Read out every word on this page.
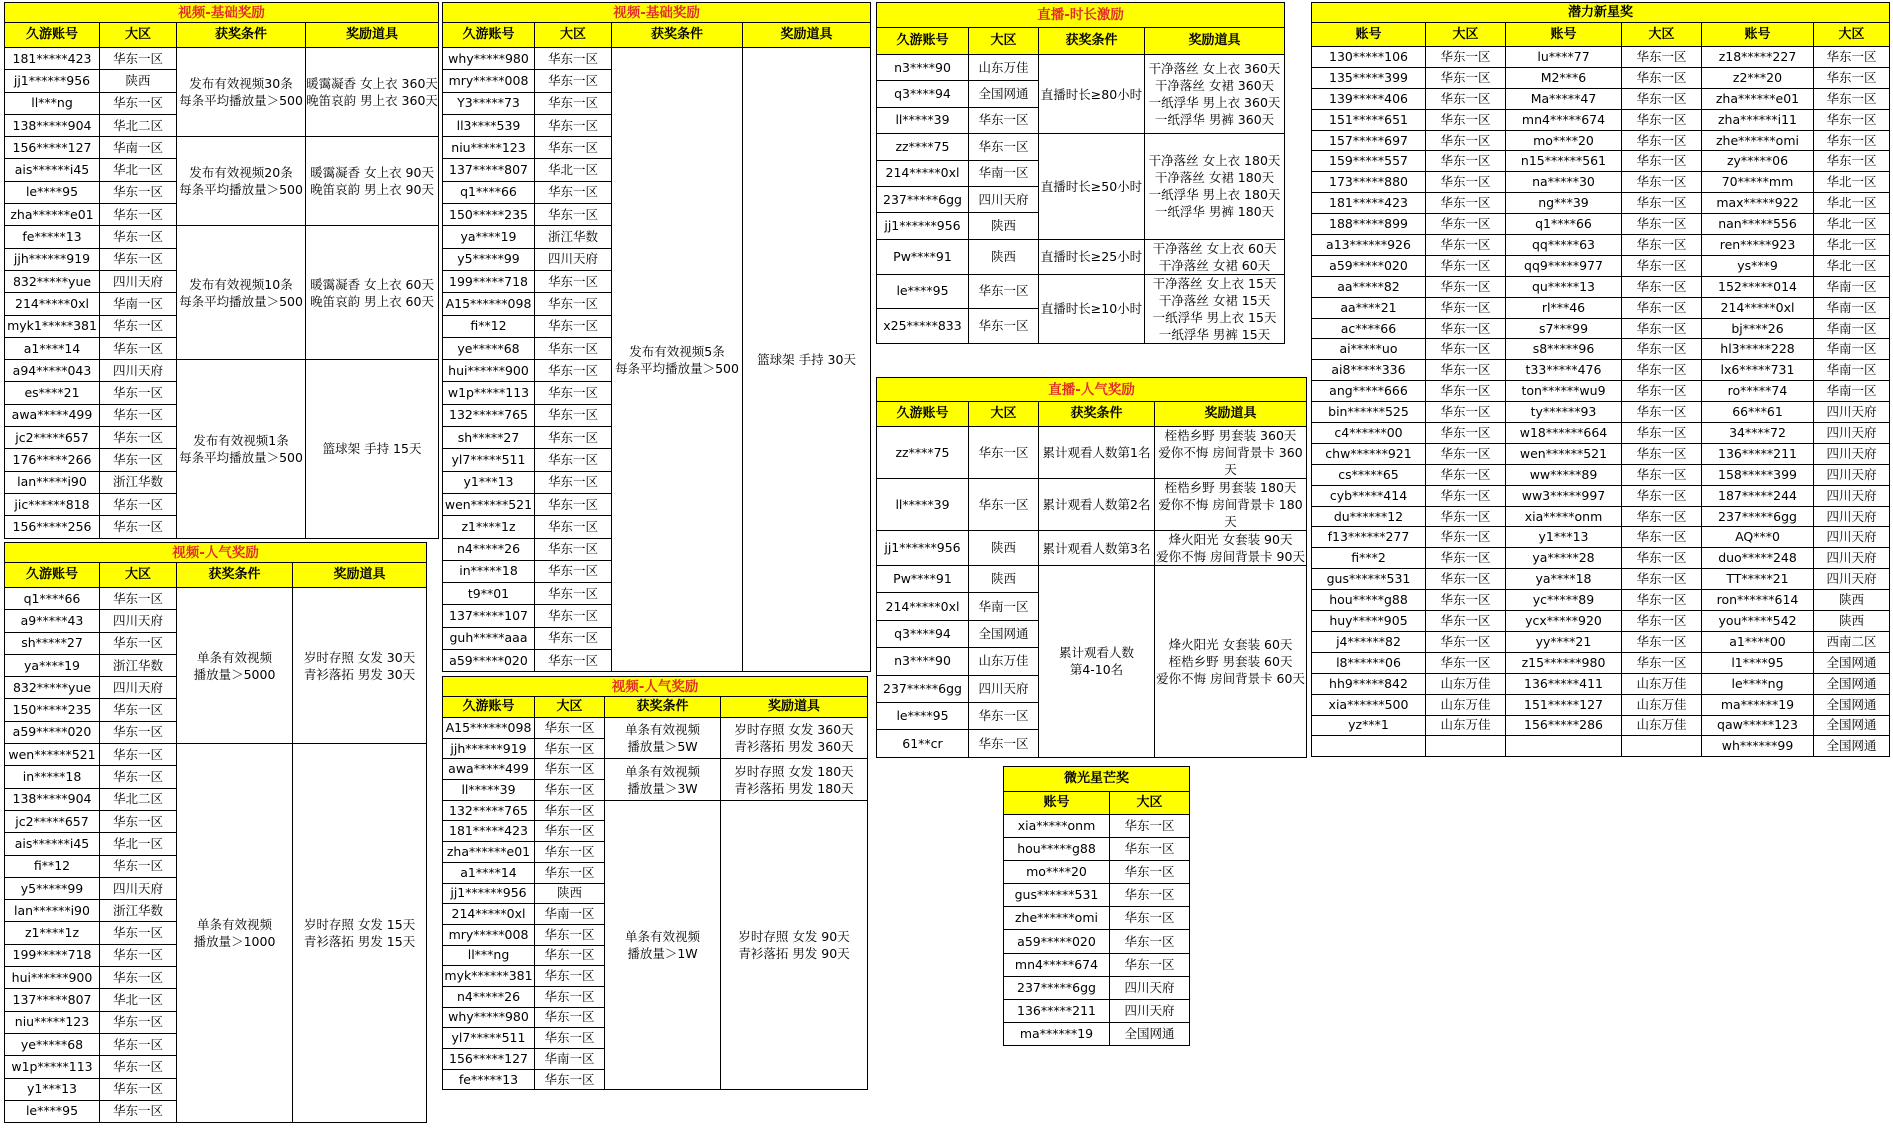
视频-基础奖励			
久游账号	大区	获奖条件	奖励道具
181*****423	华东一区	发布有效视频30条
每条平均播放量＞500	暖霭凝香 女上衣 360天
晚笛哀韵 男上衣 360天
jj1******956	陕西		
ll***ng	华东一区		
138*****904	华北二区		
156*****127	华南一区	发布有效视频20条
每条平均播放量＞500	暖霭凝香 女上衣 90天
晚笛哀韵 男上衣 90天
ais******i45	华北一区		
le****95	华东一区		
zha******e01	华东一区		
fe*****13	华东一区	发布有效视频10条
每条平均播放量＞500	暖霭凝香 女上衣 60天
晚笛哀韵 男上衣 60天
jjh******919	华东一区		
832*****yue	四川天府		
214*****0xl	华南一区		
myk1*****381	华东一区		
a1****14	华东一区		
a94*****043	四川天府	发布有效视频1条
每条平均播放量＞500	篮球架 手持 15天
es****21	华东一区		
awa*****499	华东一区		
jc2*****657	华东一区		
176*****266	华东一区		
lan*****i90	浙江华数		
jic******818	华东一区		
156*****256	华东一区		
视频-人气奖励			
久游账号	大区	获奖条件	奖励道具
q1****66	华东一区	单条有效视频
播放量＞5000	岁时存照 女发 30天
青衫落拓 男发 30天
a9*****43	四川天府		
sh*****27	华东一区		
ya****19	浙江华数		
832*****yue	四川天府		
150*****235	华东一区		
a59*****020	华东一区		
wen******521	华东一区	单条有效视频
播放量＞1000	岁时存照 女发 15天
青衫落拓 男发 15天
in*****18	华东一区		
138*****904	华北二区		
jc2*****657	华东一区		
ais******i45	华北一区		
fi**12	华东一区		
y5*****99	四川天府		
lan******i90	浙江华数		
z1****1z	华东一区		
199*****718	华东一区		
hui******900	华东一区		
137*****807	华北一区		
niu*****123	华东一区		
ye*****68	华东一区		
w1p*****113	华东一区		
y1***13	华东一区		
le****95	华东一区		
视频-基础奖励			
久游账号	大区	获奖条件	奖励道具
why*****980	华东一区	发布有效视频5条
每条平均播放量＞500	篮球架 手持 30天
mry*****008	华东一区		
Y3*****73	华东一区		
ll3****539	华东一区		
niu*****123	华东一区		
137*****807	华北一区		
q1****66	华东一区		
150*****235	华东一区		
ya****19	浙江华数		
y5*****99	四川天府		
199*****718	华东一区		
A15******098	华东一区		
fi**12	华东一区		
ye*****68	华东一区		
hui******900	华东一区		
w1p*****113	华东一区		
132*****765	华东一区		
sh*****27	华东一区		
yl7*****511	华东一区		
y1***13	华东一区		
wen******521	华东一区		
z1****1z	华东一区		
n4*****26	华东一区		
in*****18	华东一区		
t9**01	华东一区		
137*****107	华东一区		
guh*****aaa	华东一区		
a59*****020	华东一区		
视频-人气奖励			
久游账号	大区	获奖条件	奖励道具
A15******098	华东一区	单条有效视频
播放量＞5W	岁时存照 女发 360天
青衫落拓 男发 360天
jjh******919	华东一区		
awa*****499	华东一区	单条有效视频
播放量＞3W	岁时存照 女发 180天
青衫落拓 男发 180天
ll*****39	华东一区		
132*****765	华东一区	单条有效视频
播放量＞1W	岁时存照 女发 90天
青衫落拓 男发 90天
181*****423	华东一区		
zha******e01	华东一区		
a1****14	华东一区		
jj1******956	陕西		
214*****0xl	华南一区		
mry*****008	华东一区		
ll***ng	华东一区		
myk******381	华东一区		
n4*****26	华东一区		
why*****980	华东一区		
yl7*****511	华东一区		
156*****127	华南一区		
fe*****13	华东一区		
直播-时长激励			
久游账号	大区	获奖条件	奖励道具
n3****90	山东万佳	直播时长≥80小时	干净落丝 女上衣 360天
干净落丝 女裙 360天
一纸浮华 男上衣 360天
一纸浮华 男裤 360天
q3****94	全国网通		
ll*****39	华东一区		
zz****75	华东一区	直播时长≥50小时	干净落丝 女上衣 180天
干净落丝 女裙 180天
一纸浮华 男上衣 180天
一纸浮华 男裤 180天
214*****0xl	华南一区		
237*****6gg	四川天府		
jj1******956	陕西		
Pw****91	陕西	直播时长≥25小时	干净落丝 女上衣 60天
干净落丝 女裙 60天
le****95	华东一区	直播时长≥10小时	干净落丝 女上衣 15天
干净落丝 女裙 15天
一纸浮华 男上衣 15天
一纸浮华 男裤 15天
x25*****833	华东一区		
直播-人气奖励			
久游账号	大区	获奖条件	奖励道具
zz****75	华东一区	累计观看人数第1名	桎梏乡野 男套装 360天
爱你不悔 房间背景卡 360天
ll*****39	华东一区	累计观看人数第2名	桎梏乡野 男套装 180天
爱你不悔 房间背景卡 180天
jj1******956	陕西	累计观看人数第3名	烽火阳光 女套装 90天
爱你不悔 房间背景卡 90天
Pw****91	陕西	累计观看人数
第4-10名	烽火阳光 女套装 60天
桎梏乡野 男套装 60天
爱你不悔 房间背景卡 60天
214*****0xl	华南一区		
q3****94	全国网通		
n3****90	山东万佳		
237*****6gg	四川天府		
le****95	华东一区		
61**cr	华东一区		
微光星芒奖	
账号	大区
xia*****onm	华东一区
hou*****g88	华东一区
mo****20	华东一区
gus******531	华东一区
zhe******omi	华东一区
a59*****020	华东一区
mn4*****674	华东一区
237*****6gg	四川天府
136*****211	四川天府
ma******19	全国网通
潜力新星奖					
账号	大区	账号	大区	账号	大区
130*****106	华东一区	lu****77	华东一区	z18*****227	华东一区
135*****399	华东一区	M2***6	华东一区	z2***20	华东一区
139*****406	华东一区	Ma*****47	华东一区	zha******e01	华东一区
151*****651	华东一区	mn4*****674	华东一区	zha******i11	华东一区
157*****697	华东一区	mo****20	华东一区	zhe******omi	华东一区
159*****557	华东一区	n15******561	华东一区	zy*****06	华东一区
173*****880	华东一区	na*****30	华东一区	70*****mm	华北一区
181*****423	华东一区	ng***39	华东一区	max*****922	华北一区
188*****899	华东一区	q1****66	华东一区	nan*****556	华北一区
a13******926	华东一区	qq*****63	华东一区	ren*****923	华北一区
a59*****020	华东一区	qq9*****977	华东一区	ys***9	华北一区
aa*****82	华东一区	qu*****13	华东一区	152*****014	华南一区
aa****21	华东一区	rl***46	华东一区	214*****0xl	华南一区
ac****66	华东一区	s7***99	华东一区	bj****26	华南一区
ai*****uo	华东一区	s8*****96	华东一区	hl3*****228	华南一区
ai8*****336	华东一区	t33*****476	华东一区	lx6*****731	华南一区
ang*****666	华东一区	ton******wu9	华东一区	ro*****74	华南一区
bin******525	华东一区	ty******93	华东一区	66***61	四川天府
c4******00	华东一区	w18******664	华东一区	34****72	四川天府
chw******921	华东一区	wen******521	华东一区	136*****211	四川天府
cs*****65	华东一区	ww*****89	华东一区	158*****399	四川天府
cyb*****414	华东一区	ww3*****997	华东一区	187*****244	四川天府
du******12	华东一区	xia*****onm	华东一区	237*****6gg	四川天府
f13******277	华东一区	y1***13	华东一区	AQ***0	四川天府
fi***2	华东一区	ya*****28	华东一区	duo*****248	四川天府
gus******531	华东一区	ya****18	华东一区	TT*****21	四川天府
hou*****g88	华东一区	yc*****89	华东一区	ron******614	陕西
huy*****905	华东一区	ycx*****920	华东一区	you*****542	陕西
j4******82	华东一区	yy****21	华东一区	a1****00	西南二区
l8******06	华东一区	z15******980	华东一区	l1****95	全国网通
hh9*****842	山东万佳	136*****411	山东万佳	le****ng	全国网通
xia******500	山东万佳	151*****127	山东万佳	ma******19	全国网通
yz***1	山东万佳	156*****286	山东万佳	qaw*****123	全国网通
				wh******99	全国网通
